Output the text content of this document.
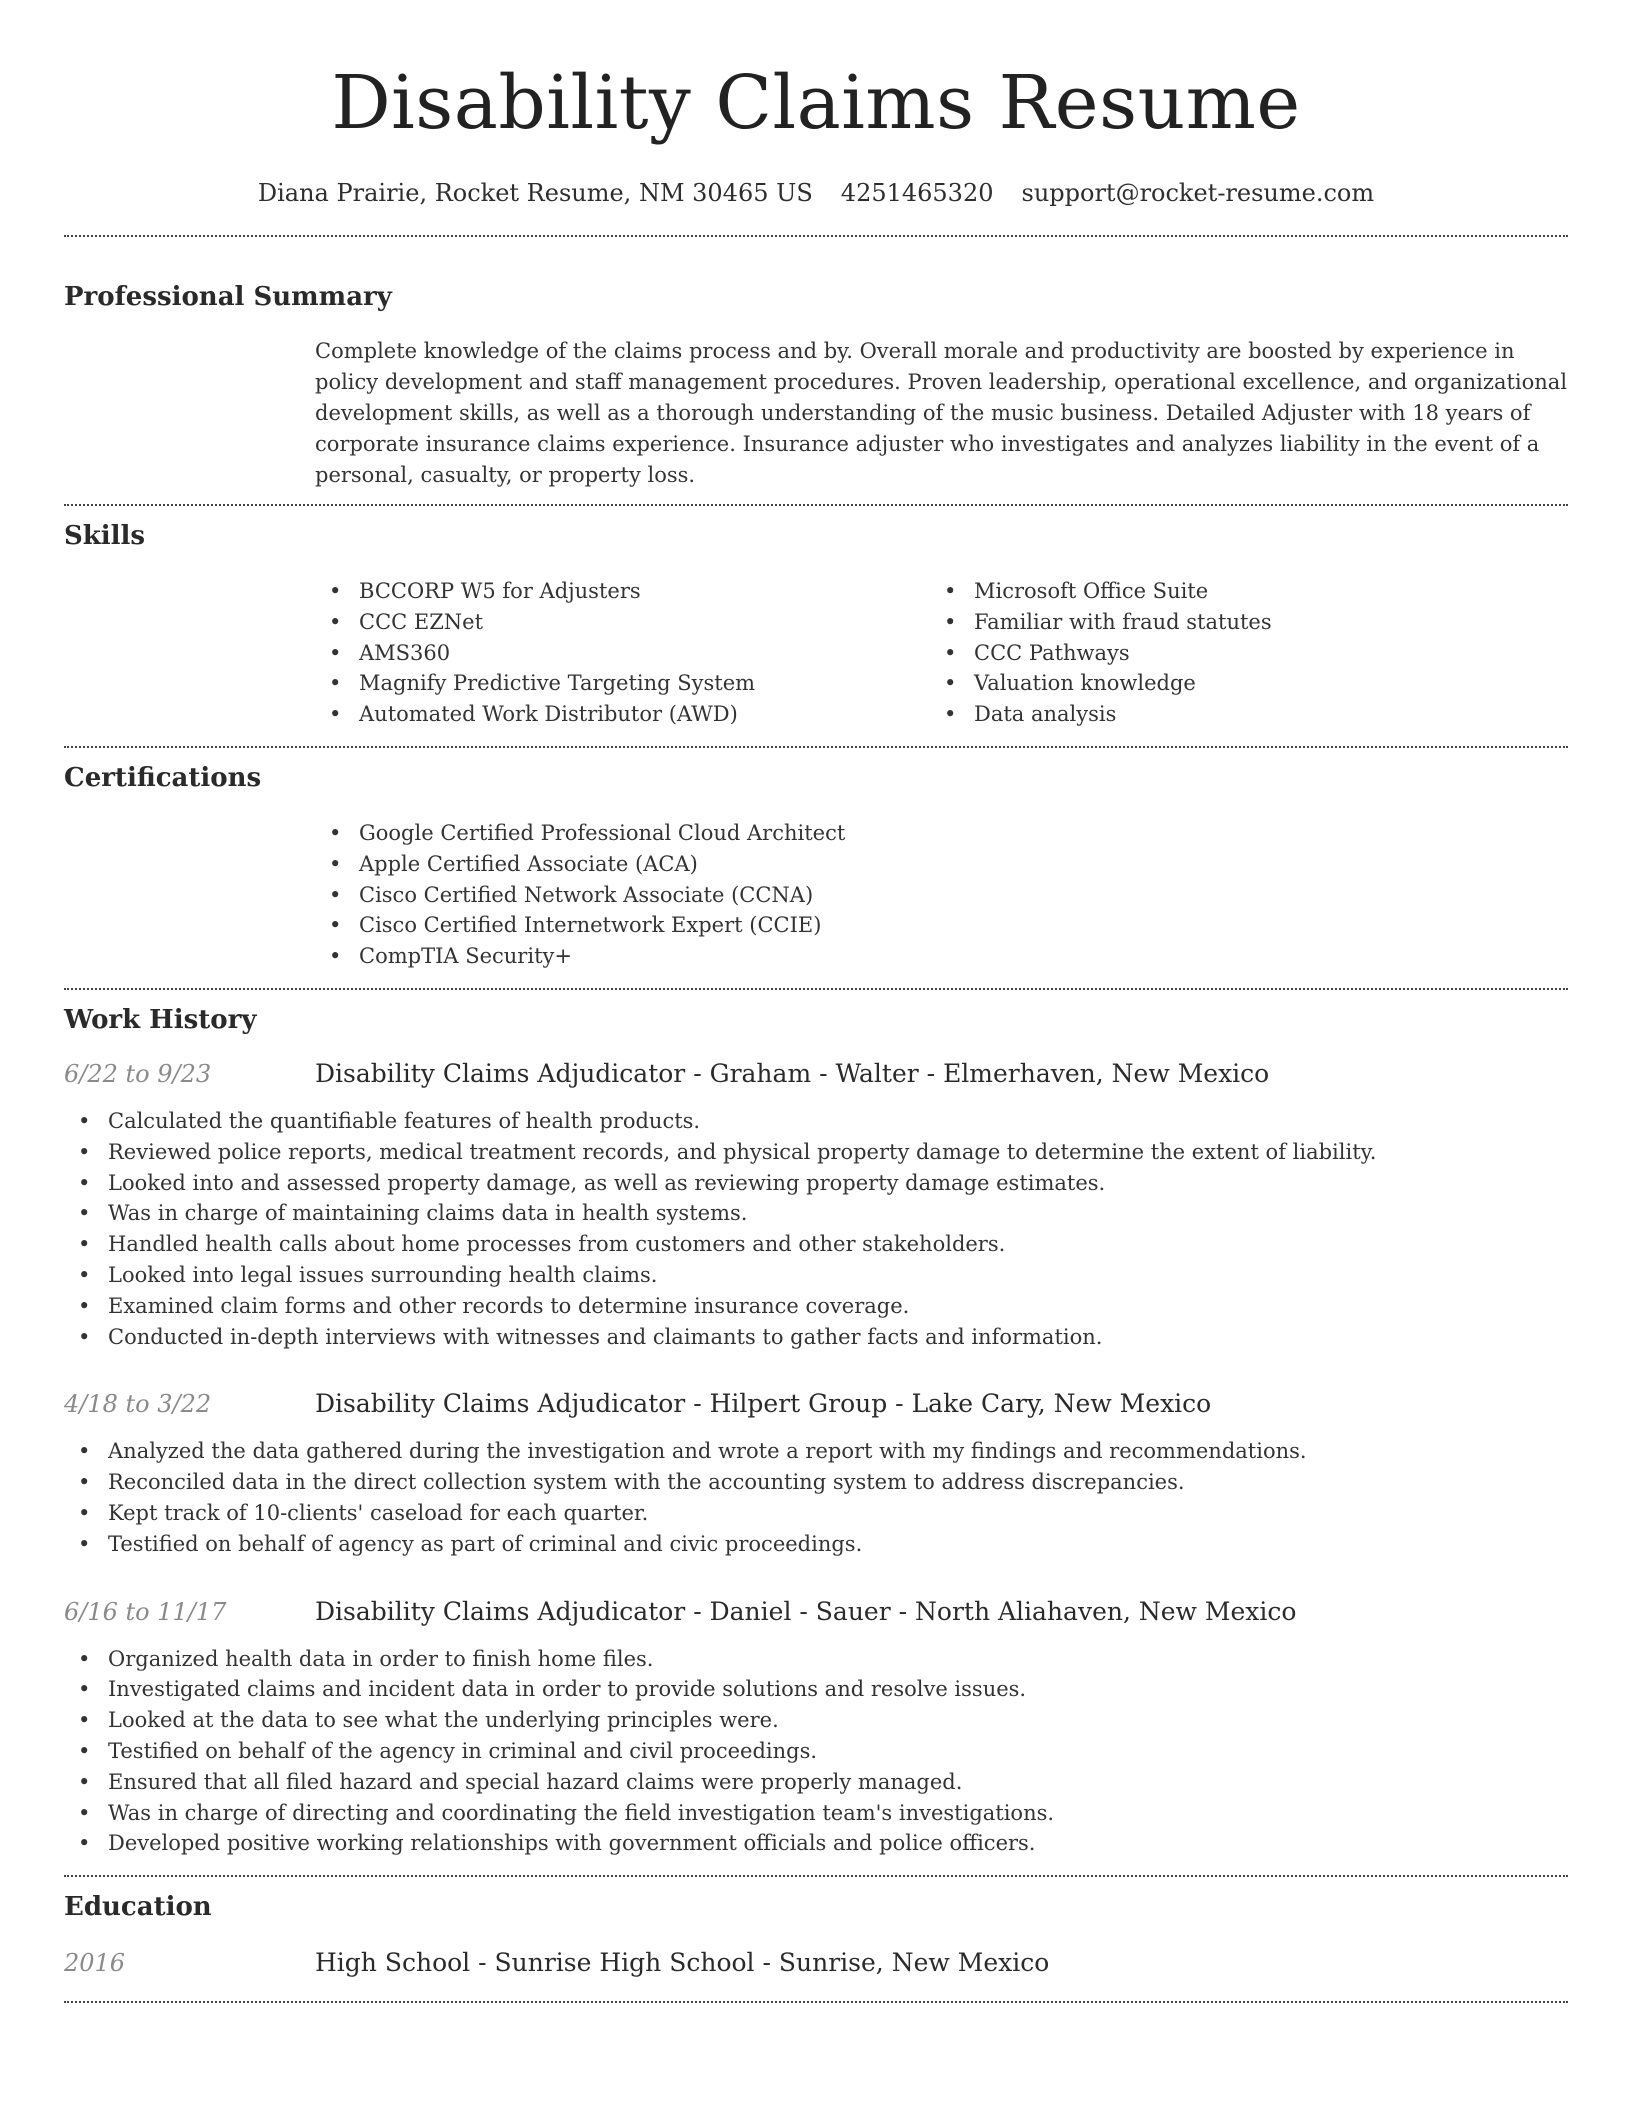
Disability Claims Resume
Diana Prairie, Rocket Resume, NM 30465 US 4251465320 support@rocket-resume.com
Professional Summary
Complete knowledge of the claims process and by. Overall morale and productivity are boosted by experience in policy development and staff management procedures. Proven leadership, operational excellence, and organizational development skills, as well as a thorough understanding of the music business. Detailed Adjuster with 18 years of corporate insurance claims experience. Insurance adjuster who investigates and analyzes liability in the event of a personal, casualty, or property loss.
Skills
• BCCORP W5 for Adjusters
• CCC EZNet
• AMS360
• Magnify Predictive Targeting System
• Automated Work Distributor (AWD)
• Microsoft Office Suite
• Familiar with fraud statutes
• CCC Pathways
• Valuation knowledge
• Data analysis
Certifications
• Google Certified Professional Cloud Architect
• Apple Certified Associate (ACA)
• Cisco Certified Network Associate (CCNA)
• Cisco Certified Internetwork Expert (CCIE)
• CompTIA Security+
Work History
6/22 to 9/23	Disability Claims Adjudicator - Graham - Walter - Elmerhaven, New Mexico
• Calculated the quantifiable features of health products.
• Reviewed police reports, medical treatment records, and physical property damage to determine the extent of liability.
• Looked into and assessed property damage, as well as reviewing property damage estimates.
• Was in charge of maintaining claims data in health systems.
• Handled health calls about home processes from customers and other stakeholders.
• Looked into legal issues surrounding health claims.
• Examined claim forms and other records to determine insurance coverage.
• Conducted in-depth interviews with witnesses and claimants to gather facts and information.
4/18 to 3/22	Disability Claims Adjudicator - Hilpert Group - Lake Cary, New Mexico
• Analyzed the data gathered during the investigation and wrote a report with my findings and recommendations.
• Reconciled data in the direct collection system with the accounting system to address discrepancies.
• Kept track of 10-clients' caseload for each quarter.
• Testified on behalf of agency as part of criminal and civic proceedings.
6/16 to 11/17	Disability Claims Adjudicator - Daniel - Sauer - North Aliahaven, New Mexico
• Organized health data in order to finish home files.
• Investigated claims and incident data in order to provide solutions and resolve issues.
• Looked at the data to see what the underlying principles were.
• Testified on behalf of the agency in criminal and civil proceedings.
• Ensured that all filed hazard and special hazard claims were properly managed.
• Was in charge of directing and coordinating the field investigation team's investigations.
• Developed positive working relationships with government officials and police officers.
Education
2016	High School - Sunrise High School - Sunrise, New Mexico
